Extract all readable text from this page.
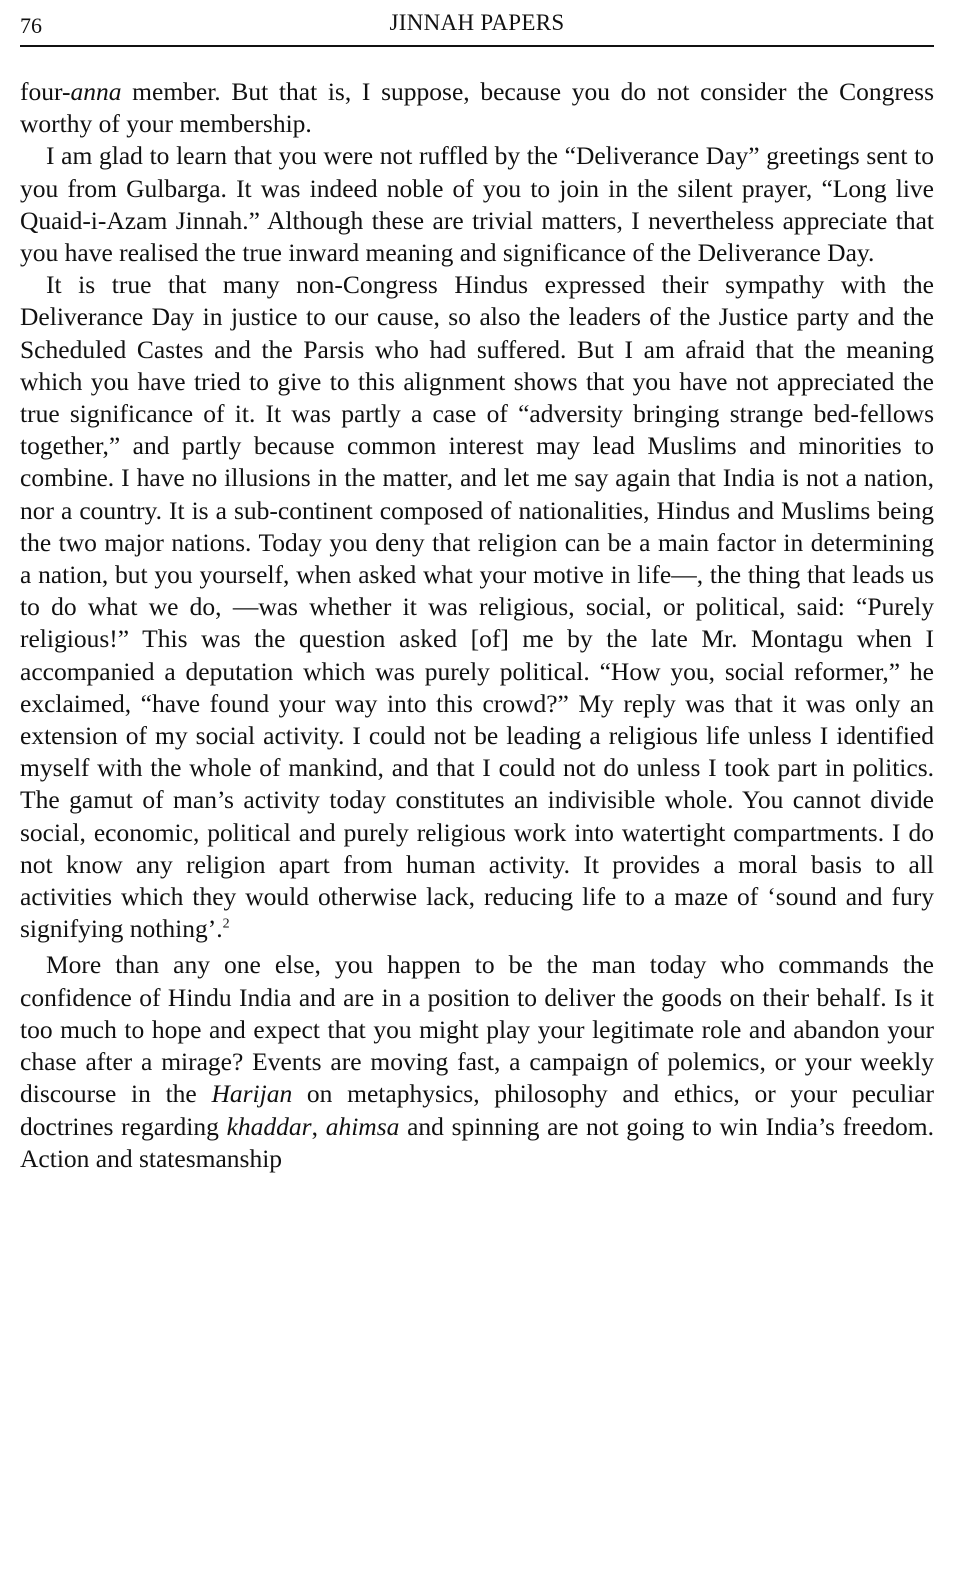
76	JINNAH PAPERS

four-anna member. But that is, I suppose, because you do not consider the Congress worthy of your membership.

I am glad to learn that you were not ruffled by the “Deliverance Day” greetings sent to you from Gulbarga. It was indeed noble of you to join in the silent prayer, “Long live Quaid-i-Azam Jinnah.” Although these are trivial matters, I nevertheless appreciate that you have realised the true inward meaning and significance of the Deliverance Day.

It is true that many non-Congress Hindus expressed their sympathy with the Deliverance Day in justice to our cause, so also the leaders of the Justice party and the Scheduled Castes and the Parsis who had suffered. But I am afraid that the meaning which you have tried to give to this alignment shows that you have not appreciated the true significance of it. It was partly a case of “adversity bringing strange bed-fellows together,” and partly because common interest may lead Muslims and minorities to combine. I have no illusions in the matter, and let me say again that India is not a nation, nor a country. It is a sub-continent composed of nationalities, Hindus and Muslims being the two major nations. Today you deny that religion can be a main factor in determining a nation, but you yourself, when asked what your motive in life—, the thing that leads us to do what we do, —was whether it was religious, social, or political, said: “Purely religious!” This was the question asked [of] me by the late Mr. Montagu when I accompanied a deputation which was purely political. “How you, social reformer,” he exclaimed, “have found your way into this crowd?” My reply was that it was only an extension of my social activity. I could not be leading a religious life unless I identified myself with the whole of mankind, and that I could not do unless I took part in politics. The gamut of man’s activity today constitutes an indivisible whole. You cannot divide social, economic, political and purely religious work into watertight compartments. I do not know any religion apart from human activity. It provides a moral basis to all activities which they would otherwise lack, reducing life to a maze of ‘sound and fury signifying nothing’.$^2$

More than any one else, you happen to be the man today who commands the confidence of Hindu India and are in a position to deliver the goods on their behalf. Is it too much to hope and expect that you might play your legitimate role and abandon your chase after a mirage? Events are moving fast, a campaign of polemics, or your weekly discourse in the Harijan on metaphysics, philosophy and ethics, or your peculiar doctrines regarding khaddar, ahimsa and spinning are not going to win India’s freedom. Action and statesmanship
